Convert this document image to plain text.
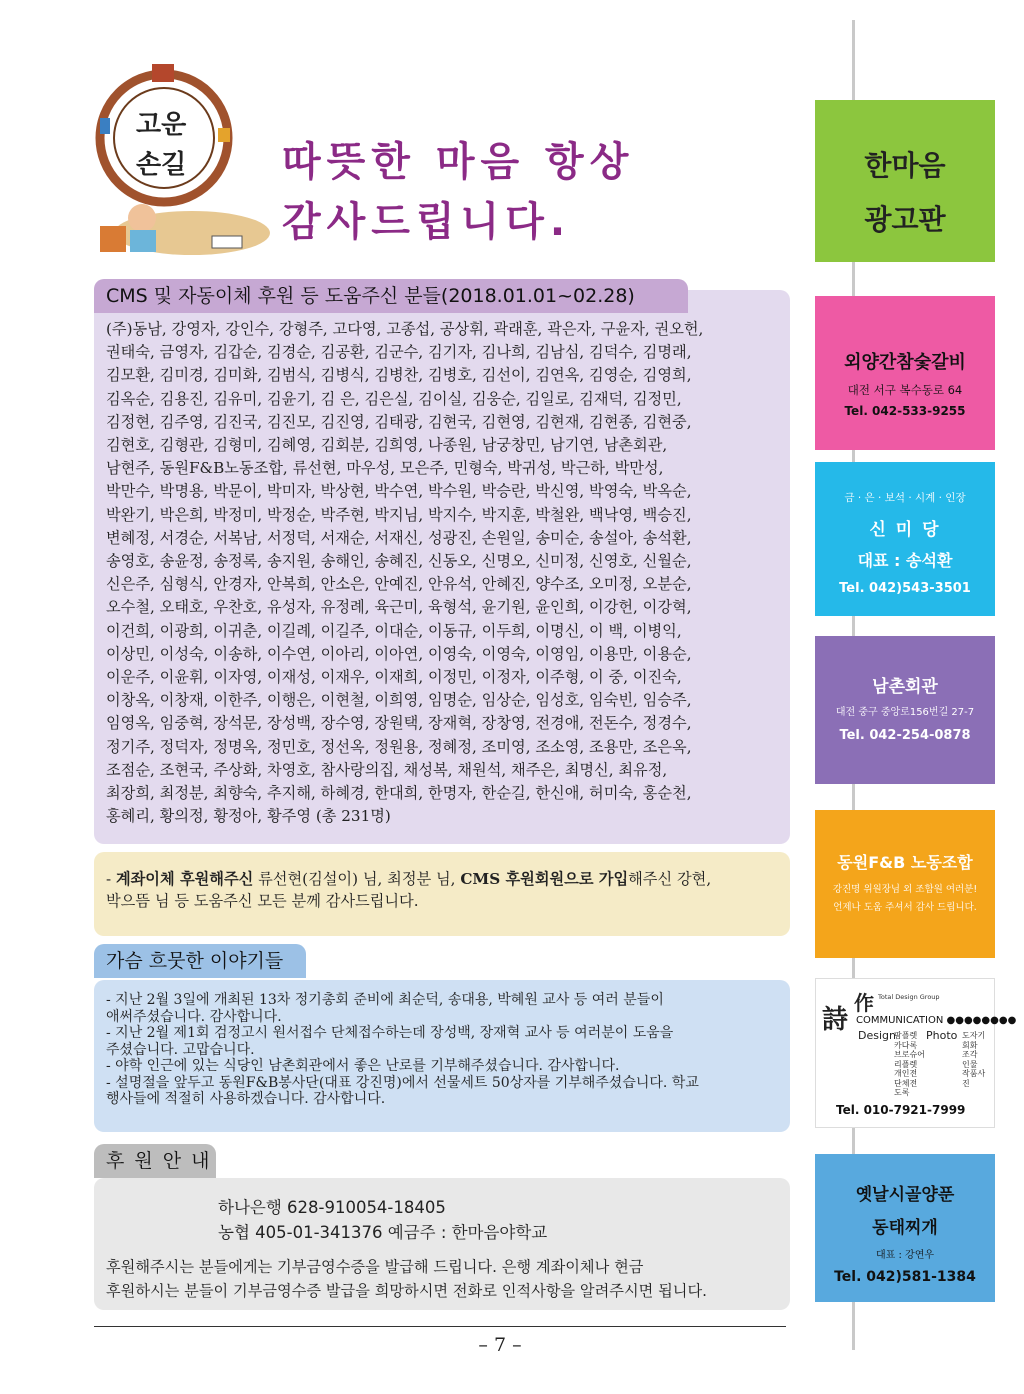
고운
손길 따뜻한 마음 항상
감사드립니다.
CMS 및 자동이체 후원 등 도움주신 분들(2018.01.01~02.28)
(주)동남, 강영자, 강인수, 강형주, 고다영, 고종섭, 공상휘, 곽래훈, 곽은자, 구윤자, 권오헌,
권태숙, 금영자, 김갑순, 김경순, 김공환, 김군수, 김기자, 김나희, 김남심, 김덕수, 김명래,
김모환, 김미경, 김미화, 김범식, 김병식, 김병찬, 김병호, 김선이, 김연옥, 김영순, 김영희,
김옥순, 김용진, 김유미, 김윤기, 김 은, 김은실, 김이실, 김웅순, 김일로, 김재덕, 김정민,
김정현, 김주영, 김진국, 김진모, 김진영, 김태광, 김현국, 김현영, 김현재, 김현종, 김현중,
김현호, 김형관, 김형미, 김혜영, 김회분, 김희영, 나종원, 남궁창민, 남기연, 남촌회관,
남현주, 동원F&B노동조합, 류선현, 마우성, 모은주, 민형숙, 박귀성, 박근하, 박만성,
박만수, 박명용, 박문이, 박미자, 박상현, 박수연, 박수원, 박승란, 박신영, 박영숙, 박옥순,
박완기, 박은희, 박정미, 박정순, 박주현, 박지님, 박지수, 박지훈, 박철완, 백낙영, 백승진,
변혜정, 서경순, 서복남, 서정덕, 서재순, 서재신, 성광진, 손원일, 송미순, 송설아, 송석환,
송영호, 송윤정, 송정록, 송지원, 송해인, 송혜진, 신동오, 신명오, 신미정, 신영호, 신월순,
신은주, 심형식, 안경자, 안복희, 안소은, 안예진, 안유석, 안혜진, 양수조, 오미정, 오분순,
오수철, 오태호, 우찬호, 유성자, 유정례, 육근미, 육형석, 윤기원, 윤인희, 이강헌, 이강혁,
이건희, 이광희, 이귀춘, 이길례, 이길주, 이대순, 이동규, 이두희, 이명신, 이 백, 이병익,
이상민, 이성숙, 이송하, 이수연, 이아리, 이아연, 이영숙, 이영숙, 이영임, 이용만, 이용순,
이운주, 이윤휘, 이자영, 이재성, 이재우, 이재희, 이정민, 이정자, 이주형, 이 중, 이진숙,
이창옥, 이창재, 이한주, 이행은, 이현철, 이희영, 임명순, 임상순, 임성호, 임숙빈, 임승주,
임영옥, 임중혁, 장석문, 장성백, 장수영, 장원택, 장재혁, 장창영, 전경애, 전돈수, 정경수,
정기주, 정덕자, 정명옥, 정민호, 정선옥, 정원용, 정혜정, 조미영, 조소영, 조용만, 조은옥,
조점순, 조현국, 주상화, 차영호, 참사랑의집, 채성복, 채원석, 채주은, 최명신, 최유정,
최장희, 최정분, 최향숙, 추지해, 하혜경, 한대희, 한명자, 한순길, 한신애, 허미숙, 홍순천,
홍혜리, 황의정, 황정아, 황주영 (총 231명)
- 계좌이체 후원해주신 류선현(김설이) 님, 최정분 님, CMS 후원회원으로 가입해주신 강현,
박으뜸 님 등 도움주신 모든 분께 감사드립니다.
가슴 흐뭇한 이야기들
- 지난 2월 3일에 개최된 13차 정기총회 준비에 최순덕, 송대용, 박혜원 교사 등 여러 분들이
애써주셨습니다. 감사합니다.
- 지난 2월 제1회 검정고시 원서접수 단체접수하는데 장성백, 장재혁 교사 등 여러분이 도움을
주셨습니다. 고맙습니다.
- 야학 인근에 있는 식당인 남촌회관에서 좋은 난로를 기부해주셨습니다. 감사합니다.
- 설명절을 앞두고 동원F&B봉사단(대표 강진명)에서 선물세트 50상자를 기부해주셨습니다. 학교
행사들에 적절히 사용하겠습니다. 감사합니다.
후 원 안 내
하나은행 628-910054-18405
농협 405-01-341376 예금주 : 한마음야학교
후원해주시는 분들에게는 기부금영수증을 발급해 드립니다. 은행 계좌이체나 현금
후원하시는 분들이 기부금영수증 발급을 희망하시면 전화로 인적사항을 알려주시면 됩니다.
– 7 –
한마음
광고판
외양간참숯갈비
대전 서구 복수동로 64
Tel. 042-533-9255
금 · 은 · 보석 · 시계 · 인장
신 미 당
대표 : 송석환
Tel. 042)543-3501
남촌회관
대전 중구 중앙로156번길 27-7
Tel. 042-254-0878
동원F&B 노동조합
강진명 위원장님 외 조합원 여러분!
언제나 도움 주셔서 감사 드립니다.
詩
作 Total Design Group
COMMUNICATION ●●●●●●●●
Design	Photo
팜플렛
카다록
브로슈어
리플렛
개인전
단체전
도록
도자기
회화
조각
인물
작품사진
Tel. 010-7921-7999
옛날시골양푼
동태찌개
대표 : 강연우
Tel. 042)581-1384
